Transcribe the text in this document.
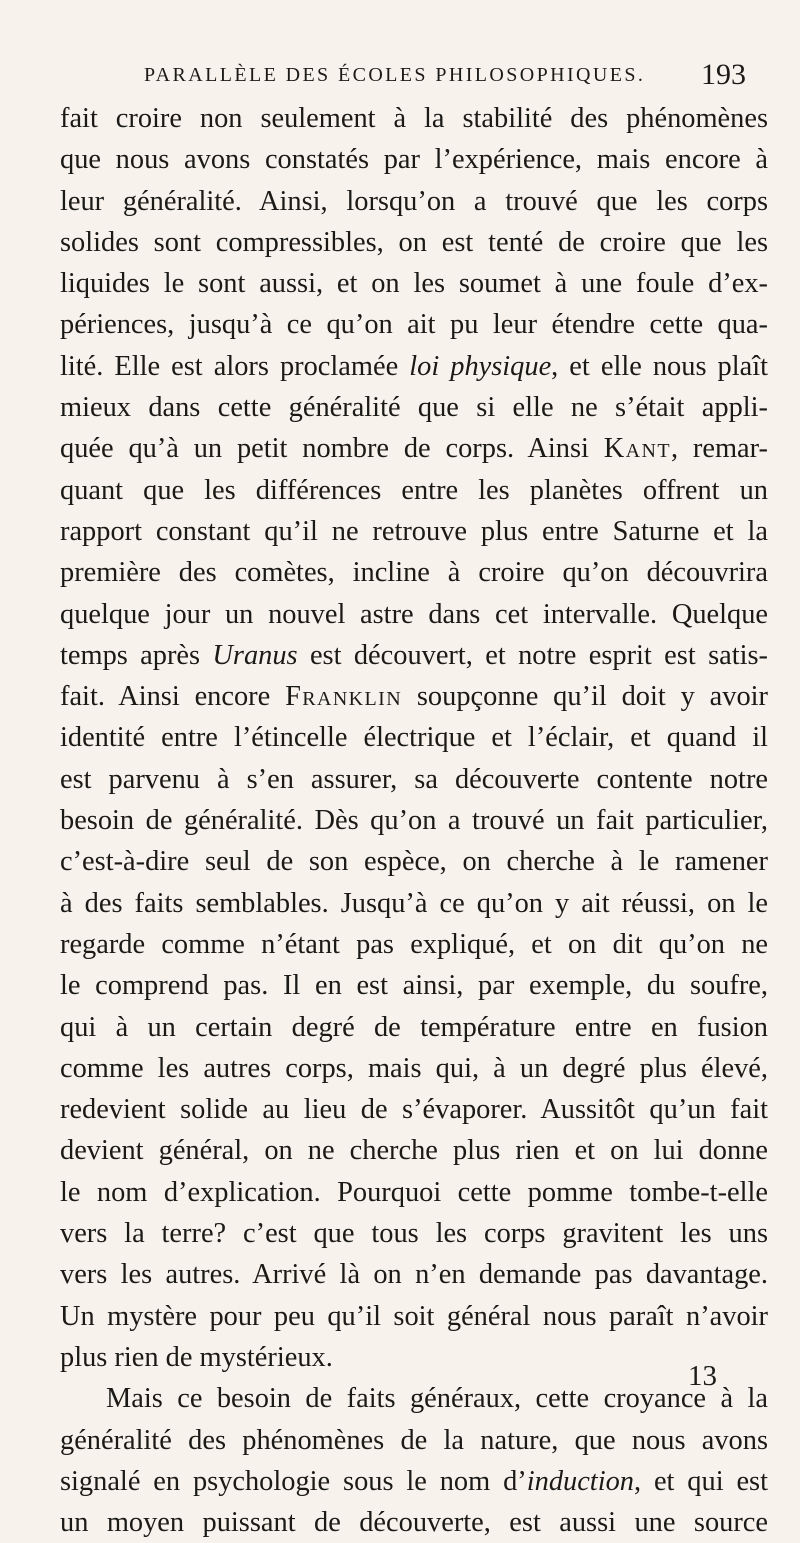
PARALLÈLE DES ÉCOLES PHILOSOPHIQUES. 193
fait croire non seulement à la stabilité des phénomènes
que nous avons constatés par l’expérience, mais encore à
leur généralité. Ainsi, lorsqu’on a trouvé que les corps
solides sont compressibles, on est tenté de croire que les
liquides le sont aussi, et on les soumet à une foule d’ex-
périences, jusqu’à ce qu’on ait pu leur étendre cette qua-
lité. Elle est alors proclamée loi physique, et elle nous plaît
mieux dans cette généralité que si elle ne s’était appli-
quée qu’à un petit nombre de corps. Ainsi Kant, remar-
quant que les différences entre les planètes offrent un
rapport constant qu’il ne retrouve plus entre Saturne et la
première des comètes, incline à croire qu’on découvrira
quelque jour un nouvel astre dans cet intervalle. Quelque
temps après Uranus est découvert, et notre esprit est satis-
fait. Ainsi encore Franklin soupçonne qu’il doit y avoir
identité entre l’étincelle électrique et l’éclair, et quand il
est parvenu à s’en assurer, sa découverte contente notre
besoin de généralité. Dès qu’on a trouvé un fait particulier,
c’est-à-dire seul de son espèce, on cherche à le ramener
à des faits semblables. Jusqu’à ce qu’on y ait réussi, on le
regarde comme n’étant pas expliqué, et on dit qu’on ne
le comprend pas. Il en est ainsi, par exemple, du soufre,
qui à un certain degré de température entre en fusion
comme les autres corps, mais qui, à un degré plus élevé,
redevient solide au lieu de s’évaporer. Aussitôt qu’un fait
devient général, on ne cherche plus rien et on lui donne
le nom d’explication. Pourquoi cette pomme tombe-t-elle
vers la terre? c’est que tous les corps gravitent les uns
vers les autres. Arrivé là on n’en demande pas davantage.
Un mystère pour peu qu’il soit général nous paraît n’avoir
plus rien de mystérieux.
Mais ce besoin de faits généraux, cette croyance à la
généralité des phénomènes de la nature, que nous avons
signalé en psychologie sous le nom d’induction, et qui est
un moyen puissant de découverte, est aussi une source
13
